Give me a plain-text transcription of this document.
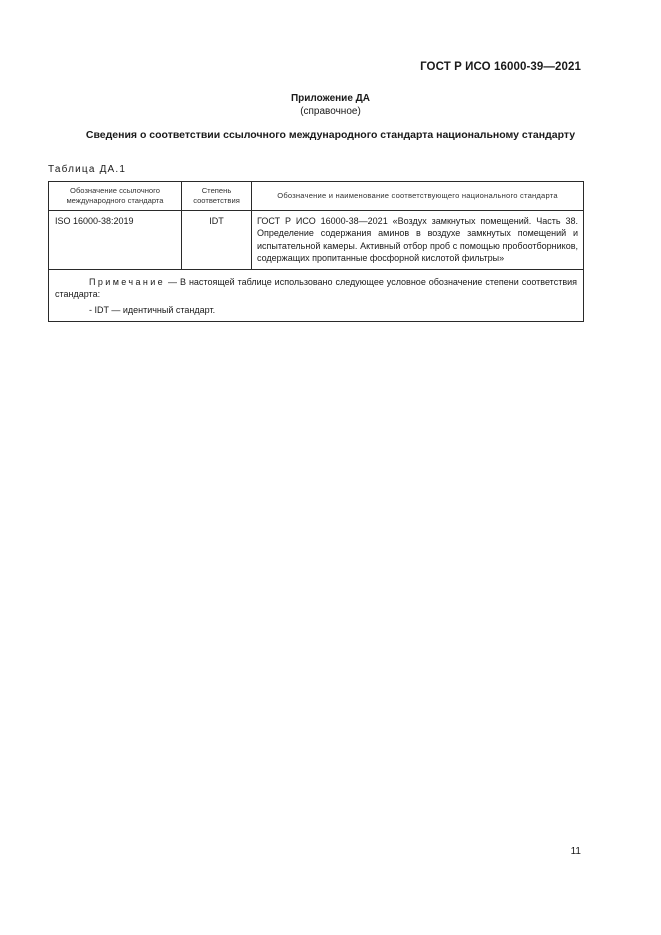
ГОСТ Р ИСО 16000-39—2021
Приложение ДА
(справочное)
Сведения о соответствии ссылочного международного стандарта национальному стандарту
Таблица ДА.1
Обозначение ссылочного международного стандарта	Степень соответствия	Обозначение и наименование соответствующего национального стандарта
ISO 16000-38:2019	IDT	ГОСТ Р ИСО 16000-38—2021 «Воздух замкнутых помещений. Часть 38. Определение содержания аминов в воздухе замкнутых помещений и испытательной камеры. Активный отбор проб с помощью пробоотборников, содержащих пропитанные фосфорной кислотой фильтры»

Примечание — В настоящей таблице использовано следующее условное обозначение степени соответствия стандарта:

- IDT — идентичный стандарт.		

11
